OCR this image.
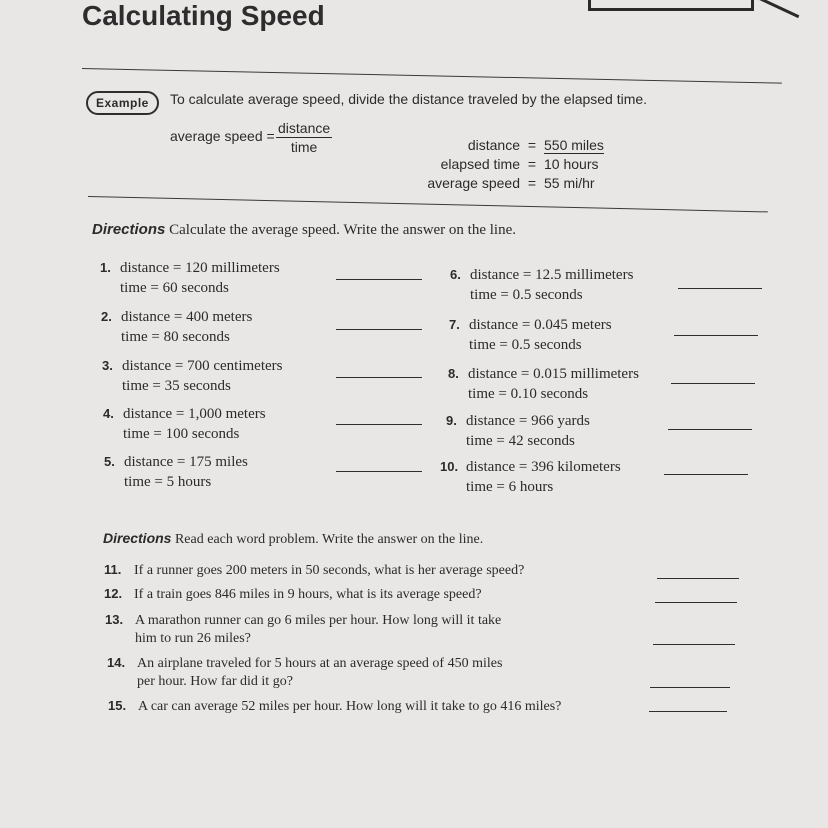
Calculating Speed
Example	To calculate average speed, divide the distance traveled by the elapsed time.
average speed = distance
time	distance = 550 miles
elapsed time = 10 hours
average speed = 55 mi/hr
Directions Calculate the average speed. Write the answer on the line.
1. distance = 120 millimeters
time = 60 seconds
2. distance = 400 meters
time = 80 seconds
3. distance = 700 centimeters
time = 35 seconds
4. distance = 1,000 meters
time = 100 seconds
5. distance = 175 miles
time = 5 hours
6. distance = 12.5 millimeters
time = 0.5 seconds
7. distance = 0.045 meters
time = 0.5 seconds
8. distance = 0.015 millimeters
time = 0.10 seconds
9. distance = 966 yards
time = 42 seconds
10. distance = 396 kilometers
time = 6 hours
Directions Read each word problem. Write the answer on the line.
11. If a runner goes 200 meters in 50 seconds, what is her average speed?
12. If a train goes 846 miles in 9 hours, what is its average speed?
13. A marathon runner can go 6 miles per hour. How long will it take
him to run 26 miles?
14. An airplane traveled for 5 hours at an average speed of 450 miles
per hour. How far did it go?
15. A car can average 52 miles per hour. How long will it take to go 416 miles?
